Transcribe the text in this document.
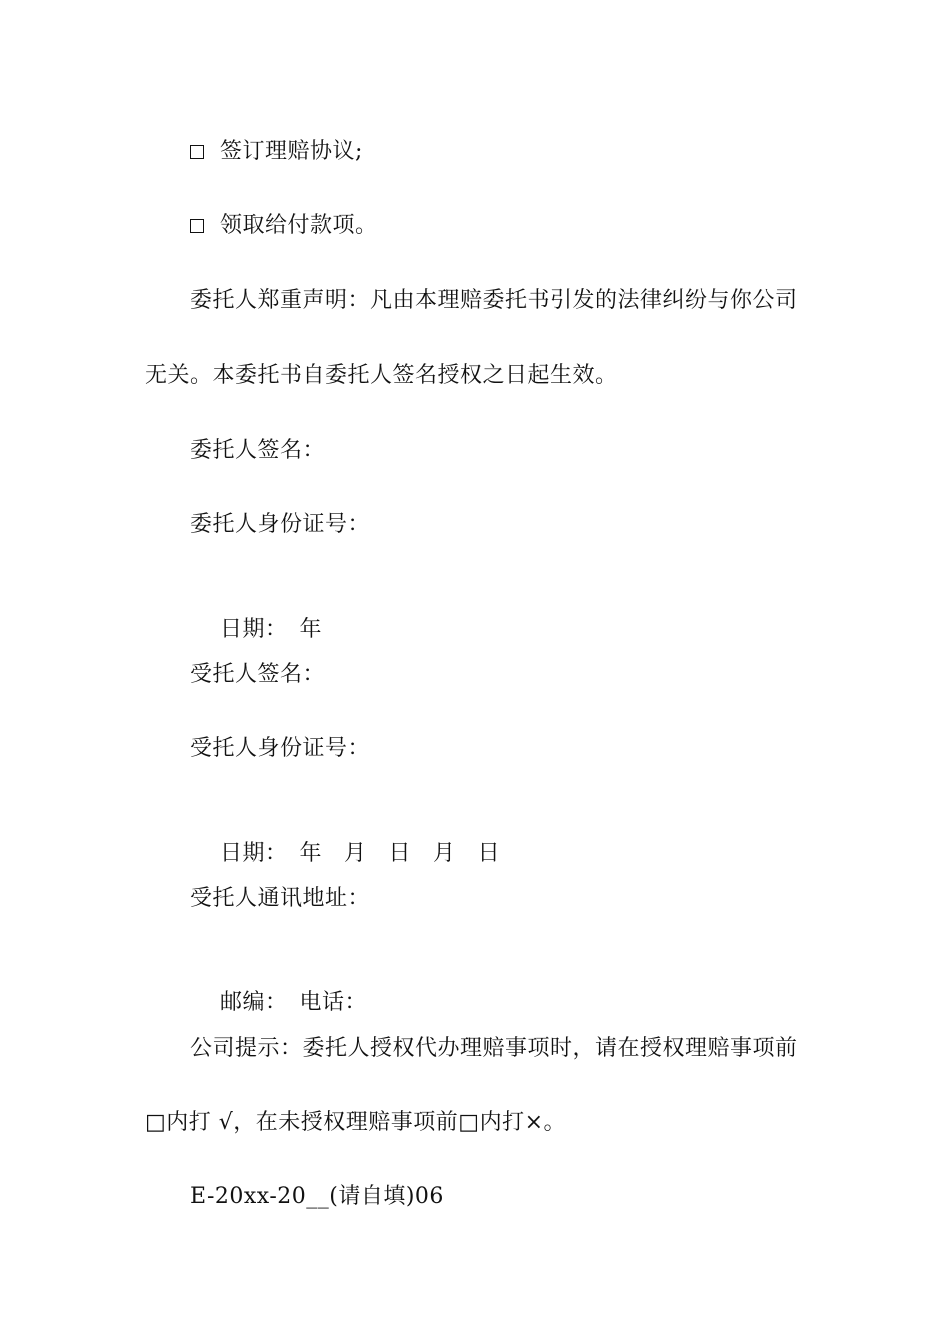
签订理赔协议;
领取给付款项。
委托人郑重声明：凡由本理赔委托书引发的法律纠纷与你公司
无关。本委托书自委托人签名授权之日起生效。
委托人签名：
委托人身份证号：

日期： 年

受托人签名：
受托人身份证号：

日期： 年 月 日 月 日

受托人通讯地址：

邮编： 电话：

公司提示：委托人授权代办理赔事项时，请在授权理赔事项前
□内打 √，在未授权理赔事项前□内打×。
E-20xx-20__(请自填)06
